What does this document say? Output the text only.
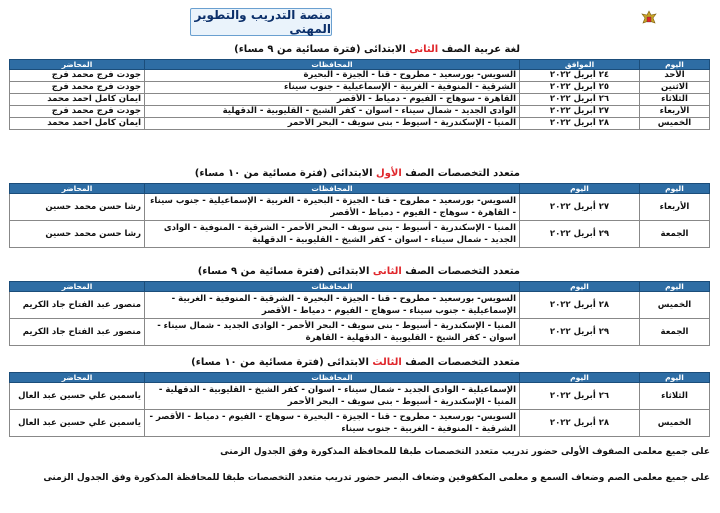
منصة التدريب والتطوير المهنى
لغة عربية الصف الثانى الابتدائى (فترة مسائية من ٩ مساء)
اليوم	الموافق	المحافظات	المحاضر
الأحد	٢٤ أبريل ٢٠٢٢	السويس- بورسعيد - مطروح - قنا - الجيزة - البحيرة	جودت فرج محمد فرج
الاثنين	٢٥ أبريل ٢٠٢٢	الشرقية - المنوفية - الغربية - الإسماعيلية - جنوب سيناء	جودت فرج محمد فرج
الثلاثاء	٢٦ أبريل ٢٠٢٢	القاهرة - سوهاج - الفيوم - دمياط - الأقصر	ايمان كامل احمد محمد
الأربعاء	٢٧ أبريل ٢٠٢٢	الوادى الجديد - شمال سيناء - اسوان - كفر الشيخ - القليوبية - الدقهلية	جودت فرج محمد فرج
الخميس	٢٨ أبريل ٢٠٢٢	المنيا - الإسكندرية - أسيوط - بنى سويف - البحر الأحمر	ايمان كامل احمد محمد
متعدد التخصصات الصف الأول الابتدائى (فترة مسائية من ١٠ مساء)
اليوم	اليوم	المحافظات	المحاضر
الأربعاء	٢٧ أبريل ٢٠٢٢	السويس- بورسعيد - مطروح - قنا - الجيزة - البحيرة - الغربية - الإسماعيلية - جنوب سيناء - القاهرة - سوهاج - الفيوم - دمياط - الأقصر	رشا حسن محمد حسين
الجمعة	٢٩ أبريل ٢٠٢٢	المنيا - الإسكندرية - أسيوط - بنى سويف - البحر الأحمر - الشرقية - المنوفية - الوادى الجديد - شمال سيناء - اسوان - كفر الشيخ - القليوبية - الدقهلية	رشا حسن محمد حسين
متعدد التخصصات الصف الثانى الابتدائى (فترة مسائية من ٩ مساء)
اليوم	اليوم	المحافظات	المحاضر
الخميس	٢٨ أبريل ٢٠٢٢	السويس- بورسعيد - مطروح - قنا - الجيزة - البحيرة - الشرقية - المنوفية - الغربية - الإسماعيلية - جنوب سيناء - سوهاج - الفيوم - دمياط - الأقصر	منصور عبد الفتاح جاد الكريم
الجمعة	٢٩ أبريل ٢٠٢٢	المنيا - الإسكندرية - أسيوط - بنى سويف - البحر الأحمر - الوادى الجديد - شمال سيناء - اسوان - كفر الشيخ - القليوبية - الدقهلية - القاهرة	منصور عبد الفتاح جاد الكريم
متعدد التخصصات الصف الثالث الابتدائى (فترة مسائية من ١٠ مساء)
اليوم	اليوم	المحافظات	المحاضر
الثلاثاء	٢٦ أبريل ٢٠٢٢	الإسماعيلية - الوادى الجديد - شمال سيناء - اسوان - كفر الشيخ - القليوبية - الدقهلية - المنيا - الإسكندرية - أسيوط - بنى سويف - البحر الأحمر	ياسمين علي حسين عبد العال
الخميس	٢٨ أبريل ٢٠٢٢	السويس- بورسعيد - مطروح - قنا - الجيزة - البحيرة - سوهاج - الفيوم - دمياط - الأقصر - الشرقية - المنوفية - الغربية - جنوب سيناء	ياسمين علي حسين عبد العال
على جميع معلمى الصفوف الأولى حضور تدريب متعدد التخصصات طبقا للمحافظة المذكورة وفق الجدول الزمنى
على جميع معلمى الصم وضعاف السمع و معلمى المكفوفين وضعاف البصر حضور تدريب متعدد التخصصات طبقا للمحافظة المذكورة وفق الجدول الزمنى
